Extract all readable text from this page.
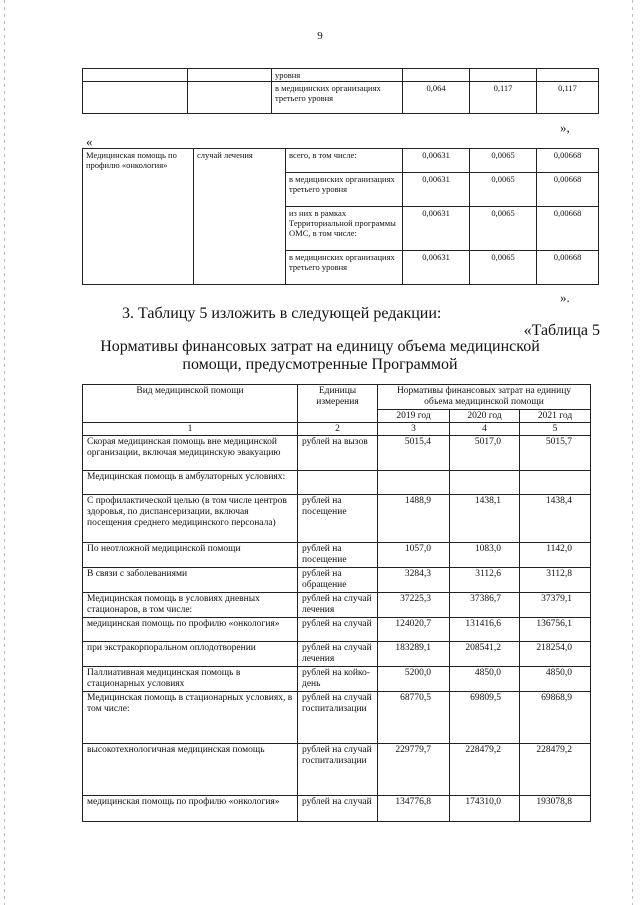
9
		уровня			
		в медицинских организациях третьего уровня	0,064	0,117	0,117
»,
«
Медицинская помощь по профилю «онкология»	случай лечения	всего, в том числе:	0,00631	0,0065	0,00668
		в медицинских организациях третьего уровня	0,00631	0,0065	0,00668
		из них в рамках Территориальной программы ОМС, в том числе:	0,00631	0,0065	0,00668
		в медицинских организациях третьего уровня	0,00631	0,0065	0,00668
».
3. Таблицу 5 изложить в следующей редакции:
«Таблица 5
Нормативы финансовых затрат на единицу объема медицинской
помощи, предусмотренные Программой
Вид медицинской помощи	Единицы измерения	Нормативы финансовых затрат на единицу объема медицинской помощи		
		2019 год	2020 год	2021 год
1	2	3	4	5
Скорая медицинская помощь вне медицинской организации, включая медицинскую эвакуацию	рублей на вызов	5015,4	5017,0	5015,7
Медицинская помощь в амбулаторных условиях:				
С профилактической целью (в том числе центров здоровья, по диспансеризации, включая посещения среднего медицинского персонала)	рублей на посещение	1488,9	1438,1	1438,4
По неотложной медицинской помощи	рублей на посещение	1057,0	1083,0	1142,0
В связи с заболеваниями	рублей на обращение	3284,3	3112,6	3112,8
Медицинская помощь в условиях дневных стационаров, в том числе:	рублей на случай лечения	37225,3	37386,7	37379,1
медицинская помощь по профилю «онкология»	рублей на случай	124020,7	131416,6	136756,1
при экстракорпоральном оплодотворении	рублей на случай лечения	183289,1	208541,2	218254,0
Паллиативная медицинская помощь в стационарных условиях	рублей на койко-день	5200,0	4850,0	4850,0
Медицинская помощь в стационарных условиях, в том числе:	рублей на случай госпитализации	68770,5	69809,5	69868,9
высокотехнологичная медицинская помощь	рублей на случай госпитализации	229779,7	228479,2	228479,2
медицинская помощь по профилю «онкология»	рублей на случай	134776,8	174310,0	193078,8
